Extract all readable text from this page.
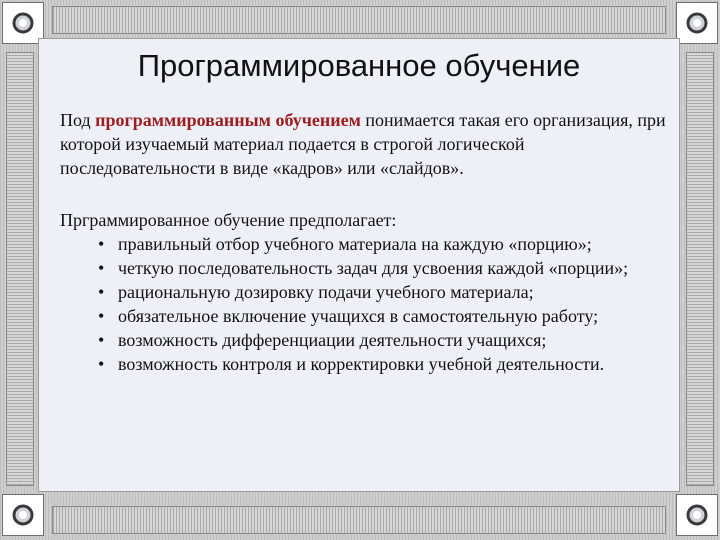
Программированное обучение

Под программированным обучением понимается такая его организация, при которой изучаемый материал подается в строгой логической последовательности в виде «кадров» или «слайдов».

Прграммированное обучение предполагает:

• правильный отбор учебного материала на каждую «порцию»;
• четкую последовательность задач для усвоения каждой «порции»;
• рациональную дозировку подачи учебного материала;
• обязательное включение учащихся в самостоятельную работу;
• возможность дифференциации деятельности учащихся;
• возможность контроля и корректировки учебной деятельности.
